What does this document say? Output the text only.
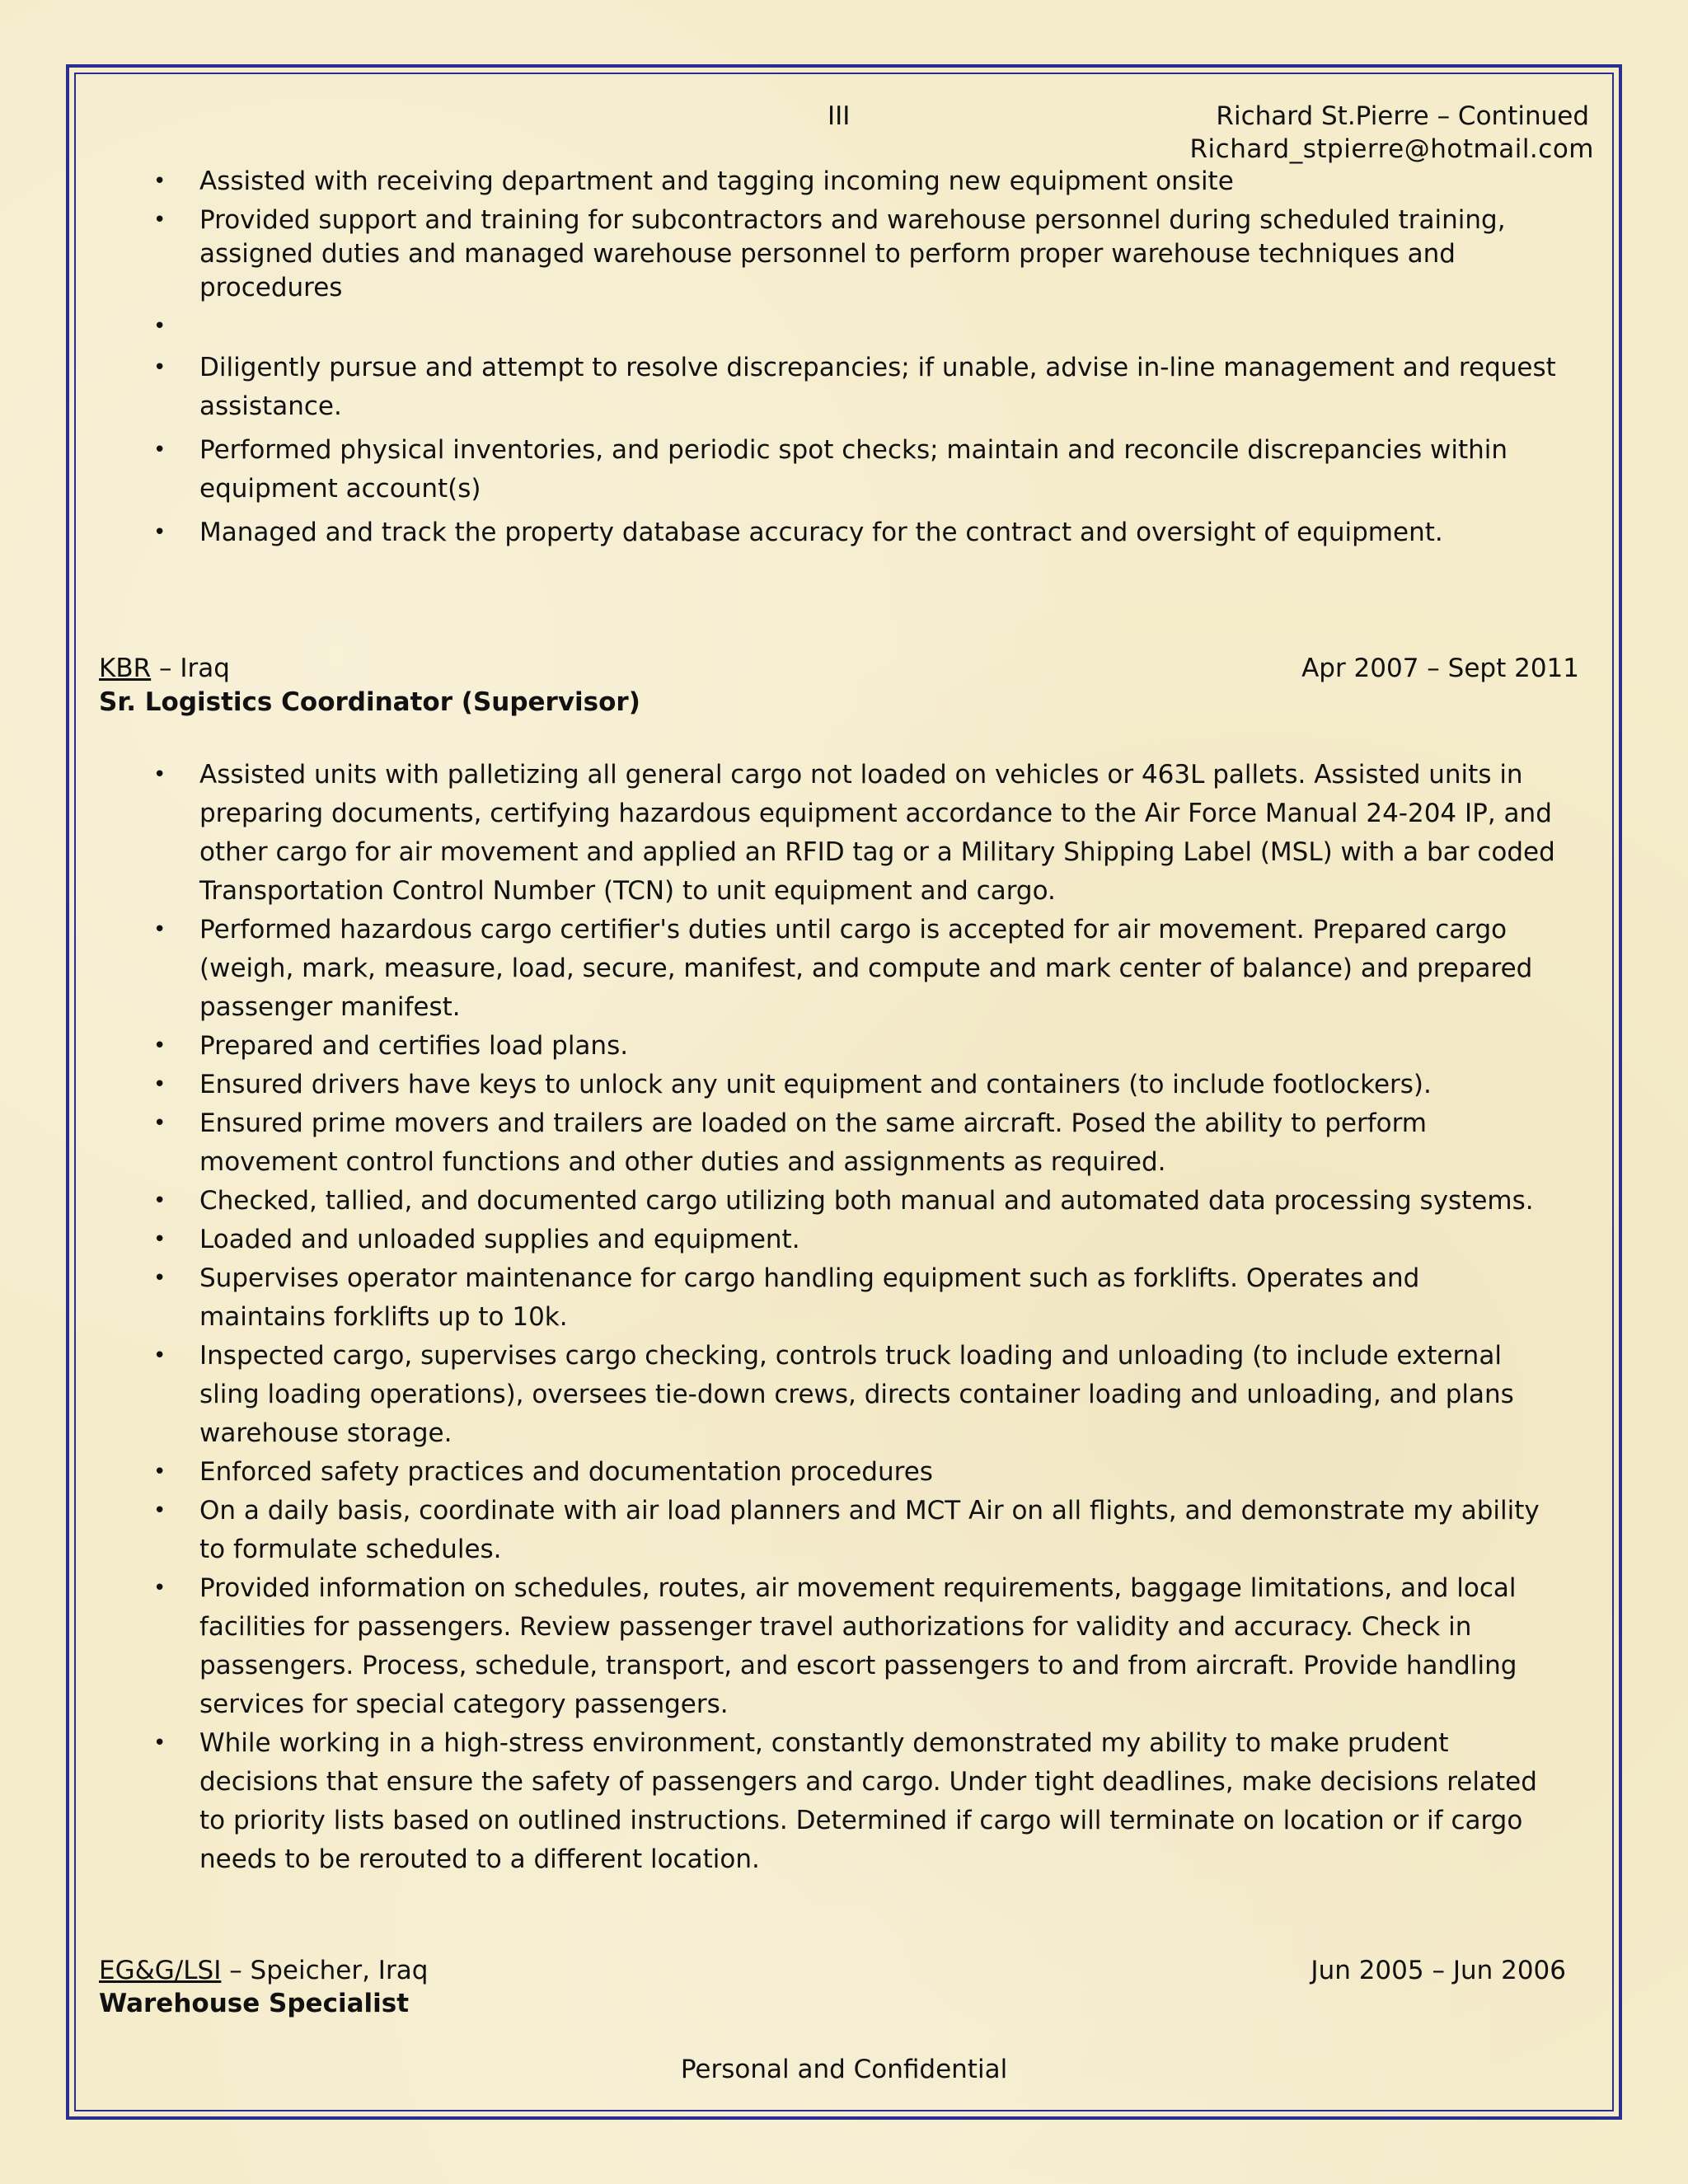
III	Richard St.Pierre – Continued
Richard_stpierre@hotmail.com
• Assisted with receiving department and tagging incoming new equipment onsite
• Provided support and training for subcontractors and warehouse personnel during scheduled training, assigned duties and managed warehouse personnel to perform proper warehouse techniques and procedures
•
• Diligently pursue and attempt to resolve discrepancies; if unable, advise in-line management and request assistance.
• Performed physical inventories, and periodic spot checks; maintain and reconcile discrepancies within equipment account(s)
• Managed and track the property database accuracy for the contract and oversight of equipment.
KBR – Iraq	Apr 2007 – Sept 2011
Sr. Logistics Coordinator (Supervisor)
• Assisted units with palletizing all general cargo not loaded on vehicles or 463L pallets. Assisted units in preparing documents, certifying hazardous equipment accordance to the Air Force Manual 24-204 IP, and other cargo for air movement and applied an RFID tag or a Military Shipping Label (MSL) with a bar coded Transportation Control Number (TCN) to unit equipment and cargo.
• Performed hazardous cargo certifier's duties until cargo is accepted for air movement. Prepared cargo (weigh, mark, measure, load, secure, manifest, and compute and mark center of balance) and prepared passenger manifest.
• Prepared and certifies load plans.
• Ensured drivers have keys to unlock any unit equipment and containers (to include footlockers).
• Ensured prime movers and trailers are loaded on the same aircraft. Posed the ability to perform movement control functions and other duties and assignments as required.
• Checked, tallied, and documented cargo utilizing both manual and automated data processing systems.
• Loaded and unloaded supplies and equipment.
• Supervises operator maintenance for cargo handling equipment such as forklifts. Operates and maintains forklifts up to 10k.
• Inspected cargo, supervises cargo checking, controls truck loading and unloading (to include external sling loading operations), oversees tie-down crews, directs container loading and unloading, and plans warehouse storage.
• Enforced safety practices and documentation procedures
• On a daily basis, coordinate with air load planners and MCT Air on all flights, and demonstrate my ability to formulate schedules.
• Provided information on schedules, routes, air movement requirements, baggage limitations, and local facilities for passengers. Review passenger travel authorizations for validity and accuracy. Check in passengers. Process, schedule, transport, and escort passengers to and from aircraft. Provide handling services for special category passengers.
• While working in a high-stress environment, constantly demonstrated my ability to make prudent decisions that ensure the safety of passengers and cargo. Under tight deadlines, make decisions related to priority lists based on outlined instructions. Determined if cargo will terminate on location or if cargo needs to be rerouted to a different location.
EG&G/LSI – Speicher, Iraq	Jun 2005 – Jun 2006
Warehouse Specialist
Personal and Confidential
